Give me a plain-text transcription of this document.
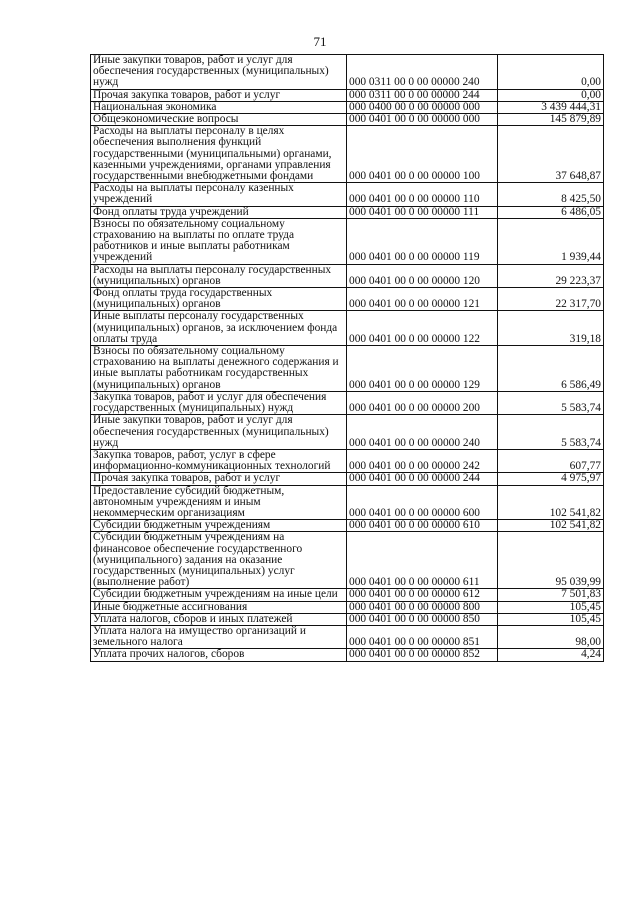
71
Иные закупки товаров, работ и услуг для обеспечения государственных (муниципальных) нужд	000 0311 00 0 00 00000 240	0,00
Прочая закупка товаров, работ и услуг	000 0311 00 0 00 00000 244	0,00
Национальная экономика	000 0400 00 0 00 00000 000	3 439 444,31
Общеэкономические вопросы	000 0401 00 0 00 00000 000	145 879,89
Расходы на выплаты персоналу в целях обеспечения выполнения функций государственными (муниципальными) органами, казенными учреждениями, органами управления государственными внебюджетными фондами	000 0401 00 0 00 00000 100	37 648,87
Расходы на выплаты персоналу казенных учреждений	000 0401 00 0 00 00000 110	8 425,50
Фонд оплаты труда учреждений	000 0401 00 0 00 00000 111	6 486,05
Взносы по обязательному социальному страхованию на выплаты по оплате труда работников и иные выплаты работникам учреждений	000 0401 00 0 00 00000 119	1 939,44
Расходы на выплаты персоналу государственных (муниципальных) органов	000 0401 00 0 00 00000 120	29 223,37
Фонд оплаты труда государственных (муниципальных) органов	000 0401 00 0 00 00000 121	22 317,70
Иные выплаты персоналу государственных (муниципальных) органов, за исключением фонда оплаты труда	000 0401 00 0 00 00000 122	319,18
Взносы по обязательному социальному страхованию на выплаты денежного содержания и иные выплаты работникам государственных (муниципальных) органов	000 0401 00 0 00 00000 129	6 586,49
Закупка товаров, работ и услуг для обеспечения государственных (муниципальных) нужд	000 0401 00 0 00 00000 200	5 583,74
Иные закупки товаров, работ и услуг для обеспечения государственных (муниципальных) нужд	000 0401 00 0 00 00000 240	5 583,74
Закупка товаров, работ, услуг в сфере информационно-коммуникационных технологий	000 0401 00 0 00 00000 242	607,77
Прочая закупка товаров, работ и услуг	000 0401 00 0 00 00000 244	4 975,97
Предоставление субсидий бюджетным, автономным учреждениям и иным некоммерческим организациям	000 0401 00 0 00 00000 600	102 541,82
Субсидии бюджетным учреждениям	000 0401 00 0 00 00000 610	102 541,82
Субсидии бюджетным учреждениям на финансовое обеспечение государственного (муниципального) задания на оказание государственных (муниципальных) услуг (выполнение работ)	000 0401 00 0 00 00000 611	95 039,99
Субсидии бюджетным учреждениям на иные цели	000 0401 00 0 00 00000 612	7 501,83
Иные бюджетные ассигнования	000 0401 00 0 00 00000 800	105,45
Уплата налогов, сборов и иных платежей	000 0401 00 0 00 00000 850	105,45
Уплата налога на имущество организаций и земельного налога	000 0401 00 0 00 00000 851	98,00
Уплата прочих налогов, сборов	000 0401 00 0 00 00000 852	4,24
